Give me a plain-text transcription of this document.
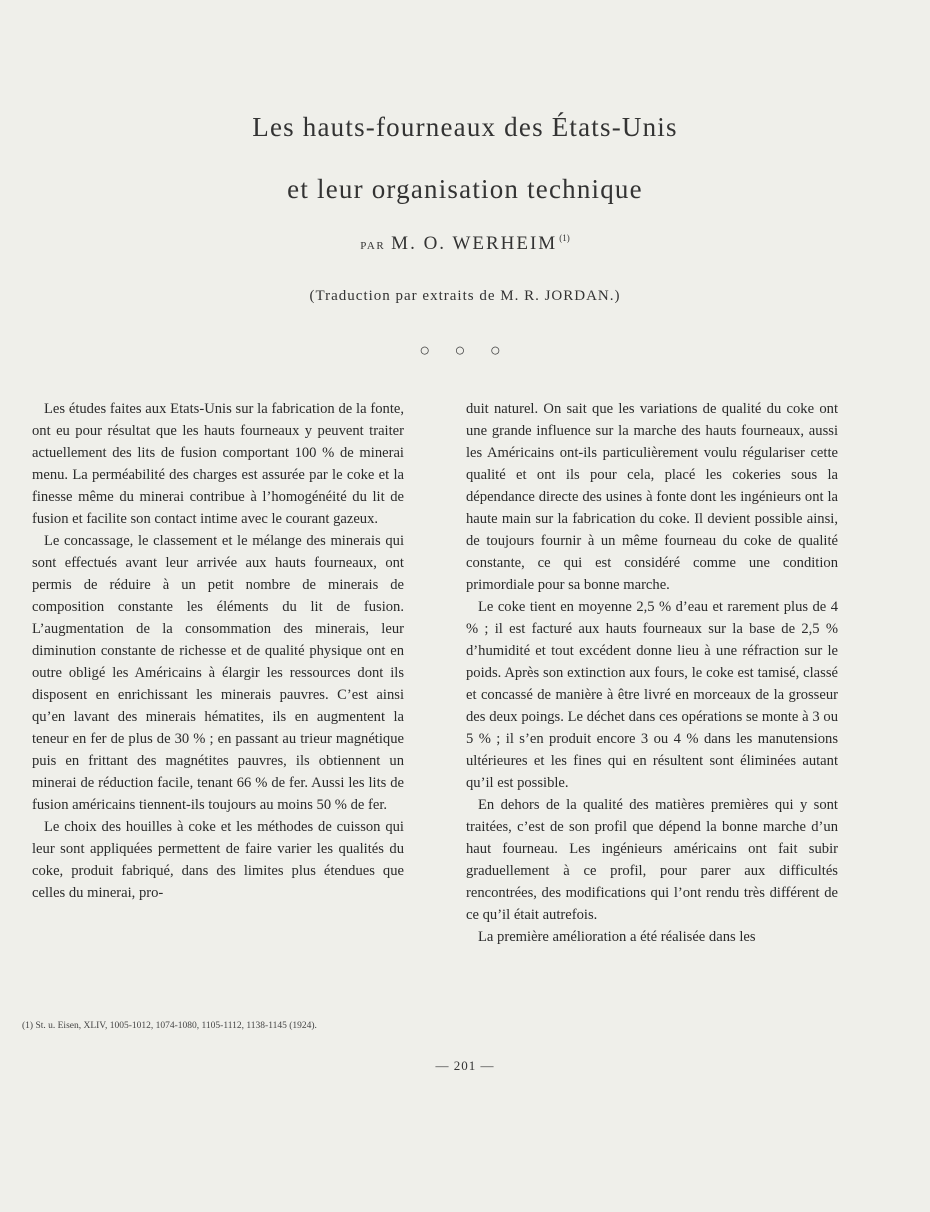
Les hauts-fourneaux des États-Unis
et leur organisation technique
PAR M. O. WERHEIM $^{(1)}$
(Traduction par extraits de M. R. JORDAN.)
○ ○ ○

Les études faites aux Etats-Unis sur la fabrication de la fonte, ont eu pour résultat que les hauts fourneaux y peuvent traiter actuellement des lits de fusion comportant 100 % de minerai menu. La perméabilité des charges est assurée par le coke et la finesse même du minerai contribue à l’homogénéité du lit de fusion et facilite son contact intime avec le courant gazeux.

Le concassage, le classement et le mélange des minerais qui sont effectués avant leur arrivée aux hauts fourneaux, ont permis de réduire à un petit nombre de minerais de composition constante les éléments du lit de fusion. L’augmentation de la consommation des minerais, leur diminution constante de richesse et de qualité physique ont en outre obligé les Américains à élargir les ressources dont ils disposent en enrichissant les minerais pauvres. C’est ainsi qu’en lavant des minerais hématites, ils en augmentent la teneur en fer de plus de 30 % ; en passant au trieur magnétique puis en frittant des magnétites pauvres, ils obtiennent un minerai de réduction facile, tenant 66 % de fer. Aussi les lits de fusion américains tiennent-ils toujours au moins 50 % de fer.

Le choix des houilles à coke et les méthodes de cuisson qui leur sont appliquées permettent de faire varier les qualités du coke, produit fabriqué, dans des limites plus étendues que celles du minerai, pro-

duit naturel. On sait que les variations de qualité du coke ont une grande influence sur la marche des hauts fourneaux, aussi les Américains ont-ils particulièrement voulu régulariser cette qualité et ont ils pour cela, placé les cokeries sous la dépendance directe des usines à fonte dont les ingénieurs ont la haute main sur la fabrication du coke. Il devient possible ainsi, de toujours fournir à un même fourneau du coke de qualité constante, ce qui est considéré comme une condition primordiale pour sa bonne marche.

Le coke tient en moyenne 2,5 % d’eau et rarement plus de 4 % ; il est facturé aux hauts fourneaux sur la base de 2,5 % d’humidité et tout excédent donne lieu à une réfraction sur le poids. Après son extinction aux fours, le coke est tamisé, classé et concassé de manière à être livré en morceaux de la grosseur des deux poings. Le déchet dans ces opérations se monte à 3 ou 5 % ; il s’en produit encore 3 ou 4 % dans les manutensions ultérieures et les fines qui en résultent sont éliminées autant qu’il est possible.

En dehors de la qualité des matières premières qui y sont traitées, c’est de son profil que dépend la bonne marche d’un haut fourneau. Les ingénieurs américains ont fait subir graduellement à ce profil, pour parer aux difficultés rencontrées, des modifications qui l’ont rendu très différent de ce qu’il était autrefois.

La première amélioration a été réalisée dans les

(1) St. u. Eisen, XLIV, 1005-1012, 1074-1080, 1105-1112, 1138-1145 (1924).
— 201 —
